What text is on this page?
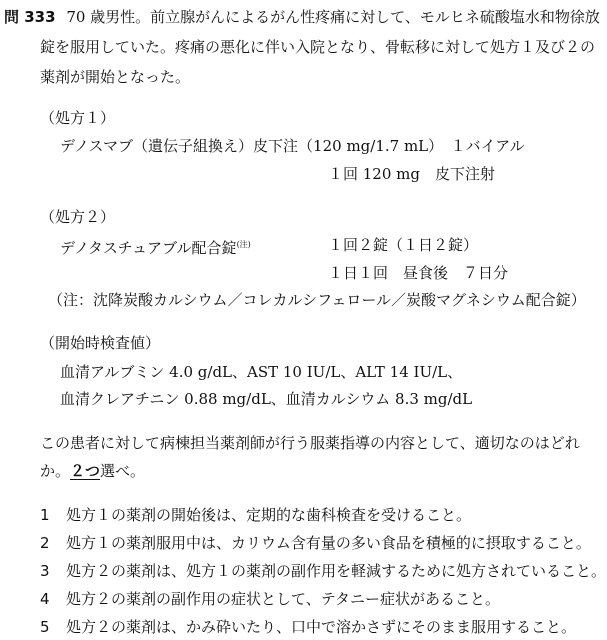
問 333 70 歳男性。前立腺がんによるがん性疼痛に対して、モルヒネ硫酸塩水和物徐放
錠を服用していた。疼痛の悪化に伴い入院となり、骨転移に対して処方１及び２の
薬剤が開始となった。
（処方１）
デノスマブ（遺伝子組換え）皮下注（120 mg/1.7 mL）　１バイアル
１回 120 mg　皮下注射
（処方２）
デノタスチュアブル配合錠$^{(注)}$	１回２錠（１日２錠）
１日１回　昼食後　７日分
（注：沈降炭酸カルシウム／コレカルシフェロール／炭酸マグネシウム配合錠）
（開始時検査値）
血清アルブミン 4.0 g/dL、AST 10 IU/L、ALT 14 IU/L、
血清クレアチニン 0.88 mg/dL、血清カルシウム 8.3 mg/dL
この患者に対して病棟担当薬剤師が行う服薬指導の内容として、適切なのはどれ
か。２つ選べ。
1 処方１の薬剤の開始後は、定期的な歯科検査を受けること。
2 処方１の薬剤服用中は、カリウム含有量の多い食品を積極的に摂取すること。
3 処方２の薬剤は、処方１の薬剤の副作用を軽減するために処方されていること。
4 処方２の薬剤の副作用の症状として、テタニー症状があること。
5 処方２の薬剤は、かみ砕いたり、口中で溶かさずにそのまま服用すること。
